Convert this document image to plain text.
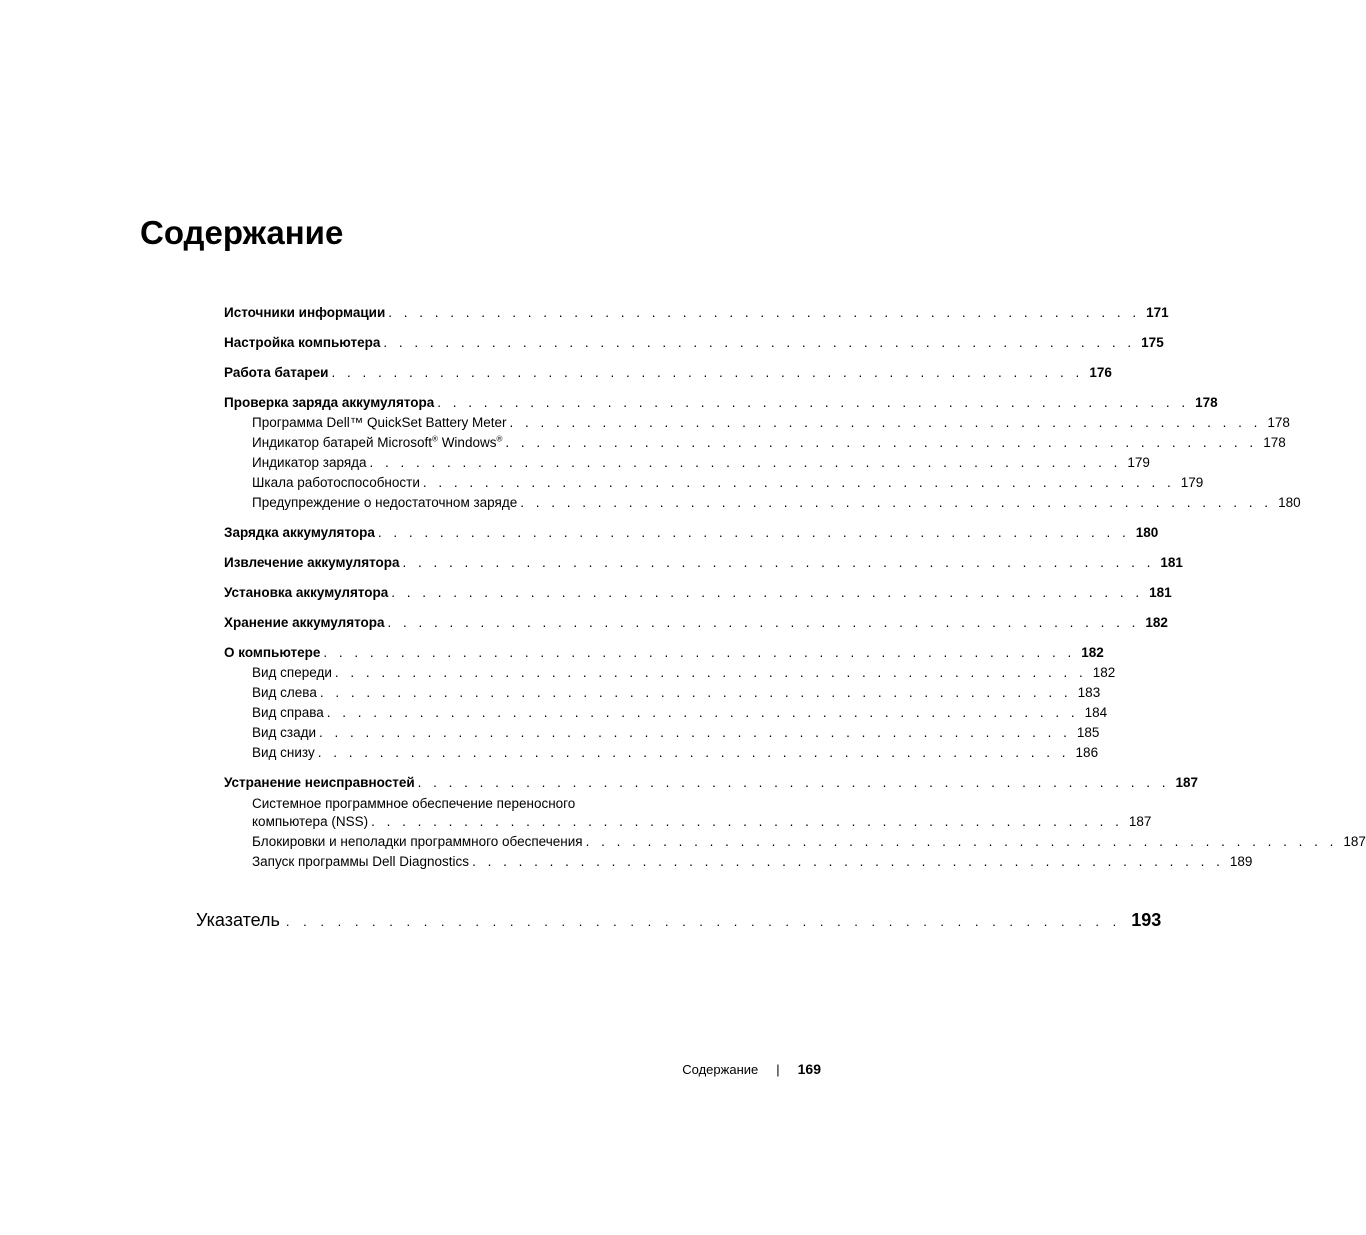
Содержание
Источники информации . . . . . . . . . . . . . . . . . . . . . . . . . . . . . . . . . . . . . . . . . . . . . . . . . 171
Настройка компьютера . . . . . . . . . . . . . . . . . . . . . . . . . . . . . . . . . . . . . . . . . . . . . . . . . 175
Работа батареи . . . . . . . . . . . . . . . . . . . . . . . . . . . . . . . . . . . . . . . . . . . . . . . . . 176
Проверка заряда аккумулятора . . . . . . . . . . . . . . . . . . . . . . . . . . . . . . . . . . . . . . . . . . . . . . . . . 178
Программа Dell™ QuickSet Battery Meter . . . . . . . . . . . . . . . . . . . . . . . . . . . . . . . . . . . . . . . . . . . . . . . . . 178
Индикатор батарей Microsoft® Windows® . . . . . . . . . . . . . . . . . . . . . . . . . . . . . . . . . . . . . . . . . . . . . . . . . 178
Индикатор заряда . . . . . . . . . . . . . . . . . . . . . . . . . . . . . . . . . . . . . . . . . . . . . . . . . 179
Шкала работоспособности . . . . . . . . . . . . . . . . . . . . . . . . . . . . . . . . . . . . . . . . . . . . . . . . . 179
Предупреждение о недостаточном заряде . . . . . . . . . . . . . . . . . . . . . . . . . . . . . . . . . . . . . . . . . . . . . . . . . 180
Зарядка аккумулятора . . . . . . . . . . . . . . . . . . . . . . . . . . . . . . . . . . . . . . . . . . . . . . . . . 180
Извлечение аккумулятора . . . . . . . . . . . . . . . . . . . . . . . . . . . . . . . . . . . . . . . . . . . . . . . . . 181
Установка аккумулятора . . . . . . . . . . . . . . . . . . . . . . . . . . . . . . . . . . . . . . . . . . . . . . . . . 181
Хранение аккумулятора . . . . . . . . . . . . . . . . . . . . . . . . . . . . . . . . . . . . . . . . . . . . . . . . . 182
О компьютере . . . . . . . . . . . . . . . . . . . . . . . . . . . . . . . . . . . . . . . . . . . . . . . . . 182
Вид спереди . . . . . . . . . . . . . . . . . . . . . . . . . . . . . . . . . . . . . . . . . . . . . . . . . 182
Вид слева . . . . . . . . . . . . . . . . . . . . . . . . . . . . . . . . . . . . . . . . . . . . . . . . . 183
Вид справа . . . . . . . . . . . . . . . . . . . . . . . . . . . . . . . . . . . . . . . . . . . . . . . . . 184
Вид сзади . . . . . . . . . . . . . . . . . . . . . . . . . . . . . . . . . . . . . . . . . . . . . . . . . 185
Вид снизу . . . . . . . . . . . . . . . . . . . . . . . . . . . . . . . . . . . . . . . . . . . . . . . . . 186
Устранение неисправностей . . . . . . . . . . . . . . . . . . . . . . . . . . . . . . . . . . . . . . . . . . . . . . . . . 187
Системное программное обеспечение переносного
компьютера (NSS) . . . . . . . . . . . . . . . . . . . . . . . . . . . . . . . . . . . . . . . . . . . . . . . . . 187
Блокировки и неполадки программного обеспечения . . . . . . . . . . . . . . . . . . . . . . . . . . . . . . . . . . . . . . . . . . . . . . . . . 187
Запуск программы Dell Diagnostics . . . . . . . . . . . . . . . . . . . . . . . . . . . . . . . . . . . . . . . . . . . . . . . . . 189
Указатель . . . . . . . . . . . . . . . . . . . . . . . . . . . . . . . . . . . . . . . . . . . . . . . . . 193
Содержание | 169
